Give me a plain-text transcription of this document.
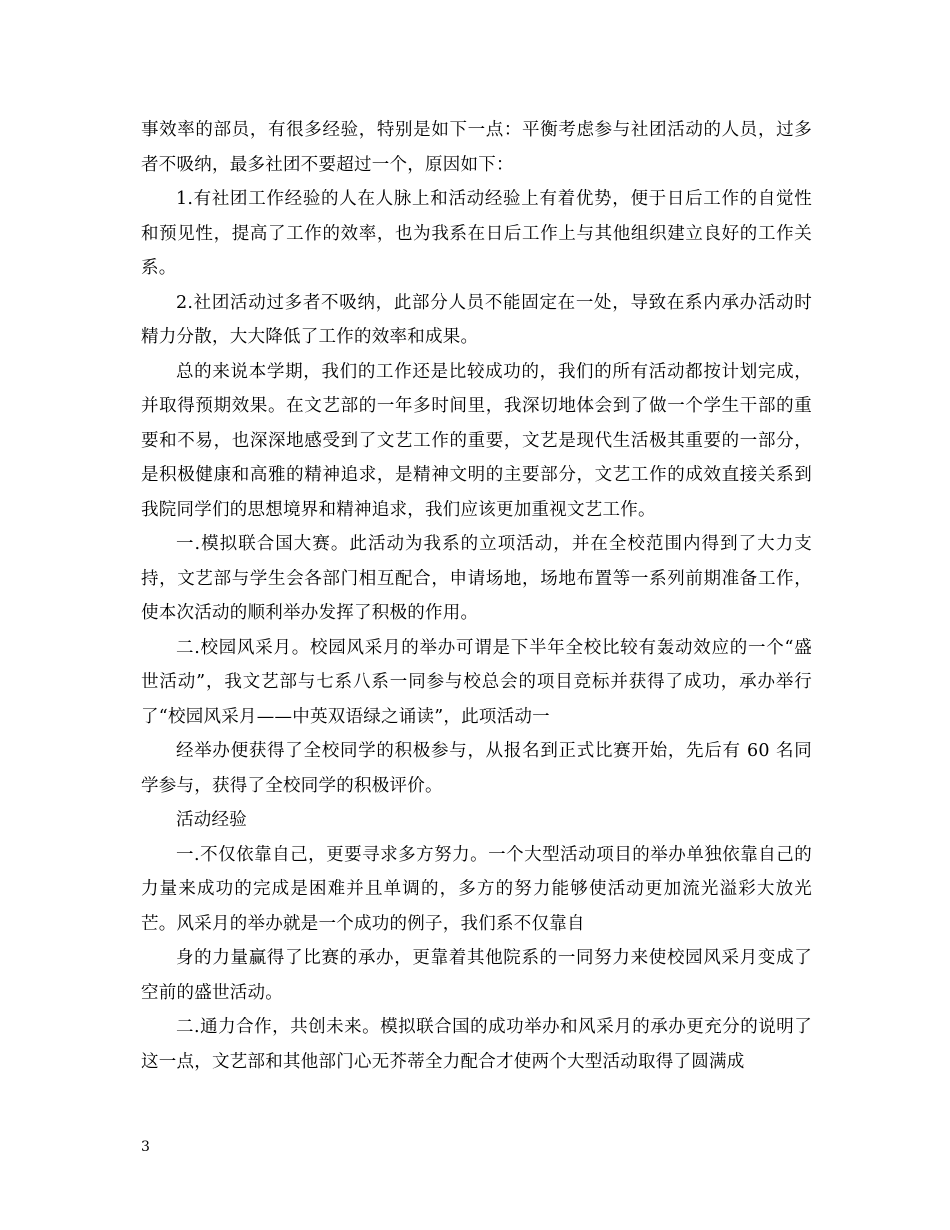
事效率的部员，有很多经验，特别是如下一点：平衡考虑参与社团活动的人员，过多者不吸纳，最多社团不要超过一个，原因如下：

1.有社团工作经验的人在人脉上和活动经验上有着优势，便于日后工作的自觉性和预见性，提高了工作的效率，也为我系在日后工作上与其他组织建立良好的工作关系。

2.社团活动过多者不吸纳，此部分人员不能固定在一处，导致在系内承办活动时精力分散，大大降低了工作的效率和成果。

总的来说本学期，我们的工作还是比较成功的，我们的所有活动都按计划完成，并取得预期效果。在文艺部的一年多时间里，我深切地体会到了做一个学生干部的重要和不易，也深深地感受到了文艺工作的重要，文艺是现代生活极其重要的一部分，是积极健康和高雅的精神追求，是精神文明的主要部分，文艺工作的成效直接关系到我院同学们的思想境界和精神追求，我们应该更加重视文艺工作。

一.模拟联合国大赛。此活动为我系的立项活动，并在全校范围内得到了大力支持，文艺部与学生会各部门相互配合，申请场地，场地布置等一系列前期准备工作，使本次活动的顺利举办发挥了积极的作用。

二.校园风采月。校园风采月的举办可谓是下半年全校比较有轰动效应的一个“盛世活动”，我文艺部与七系八系一同参与校总会的项目竞标并获得了成功，承办举行了“校园风采月——中英双语绿之诵读”，此项活动一

经举办便获得了全校同学的积极参与，从报名到正式比赛开始，先后有 60 名同学参与，获得了全校同学的积极评价。

活动经验

一.不仅依靠自己，更要寻求多方努力。一个大型活动项目的举办单独依靠自己的力量来成功的完成是困难并且单调的，多方的努力能够使活动更加流光溢彩大放光芒。风采月的举办就是一个成功的例子，我们系不仅靠自

身的力量赢得了比赛的承办，更靠着其他院系的一同努力来使校园风采月变成了空前的盛世活动。

二.通力合作，共创未来。模拟联合国的成功举办和风采月的承办更充分的说明了这一点，文艺部和其他部门心无芥蒂全力配合才使两个大型活动取得了圆满成

3
